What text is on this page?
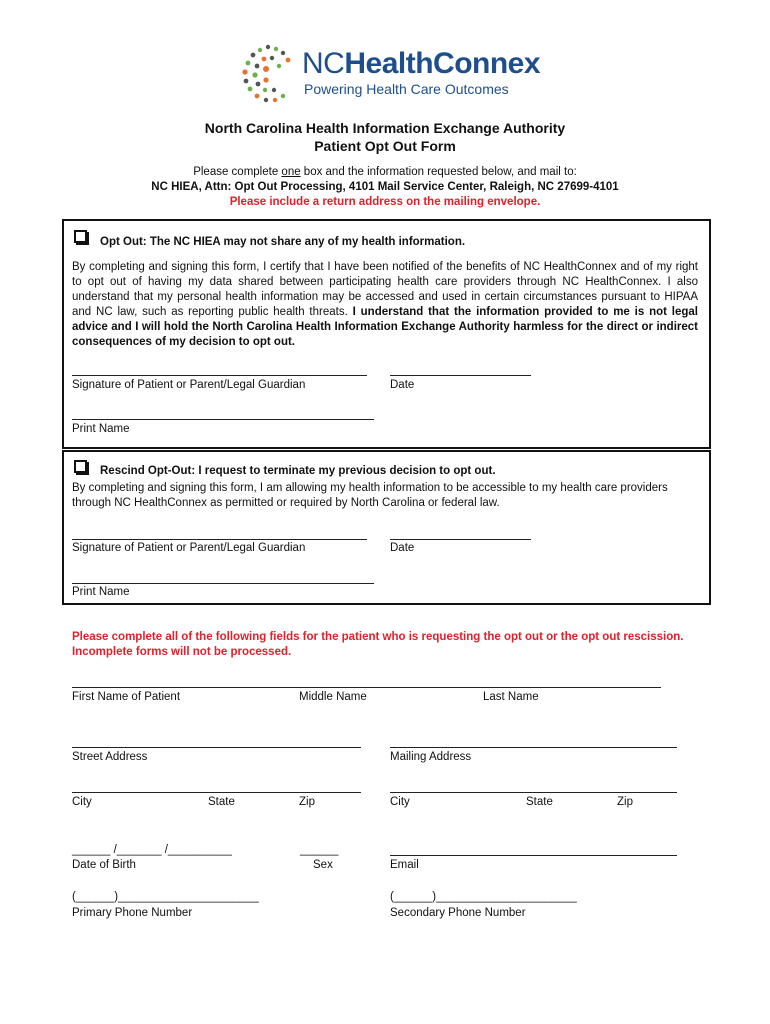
NCHealthConnex
Powering Health Care Outcomes
North Carolina Health Information Exchange Authority
Patient Opt Out Form
Please complete one box and the information requested below, and mail to:
NC HIEA, Attn: Opt Out Processing, 4101 Mail Service Center, Raleigh, NC 27699-4101
Please include a return address on the mailing envelope.
Opt Out: The NC HIEA may not share any of my health information.
By completing and signing this form, I certify that I have been notified of the benefits of NC HealthConnex and of my right to opt out of having my data shared between participating health care providers through NC HealthConnex. I also understand that my personal health information may be accessed and used in certain circumstances pursuant to HIPAA and NC law, such as reporting public health threats. I understand that the information provided to me is not legal advice and I will hold the North Carolina Health Information Exchange Authority harmless for the direct or indirect consequences of my decision to opt out.
Signature of Patient or Parent/Legal Guardian	Date
Print Name
Rescind Opt-Out: I request to terminate my previous decision to opt out.
By completing and signing this form, I am allowing my health information to be accessible to my health care providers through NC HealthConnex as permitted or required by North Carolina or federal law.
Signature of Patient or Parent/Legal Guardian	Date
Print Name
Please complete all of the following fields for the patient who is requesting the opt out or the opt out rescission. Incomplete forms will not be processed.
First Name of Patient	Middle Name	Last Name
Street Address	Mailing Address
City	State	Zip	City	State	Zip
______ /_______ /__________
Date of Birth
______
Sex	Email
(______)______________________
Primary Phone Number
(______)______________________
Secondary Phone Number
